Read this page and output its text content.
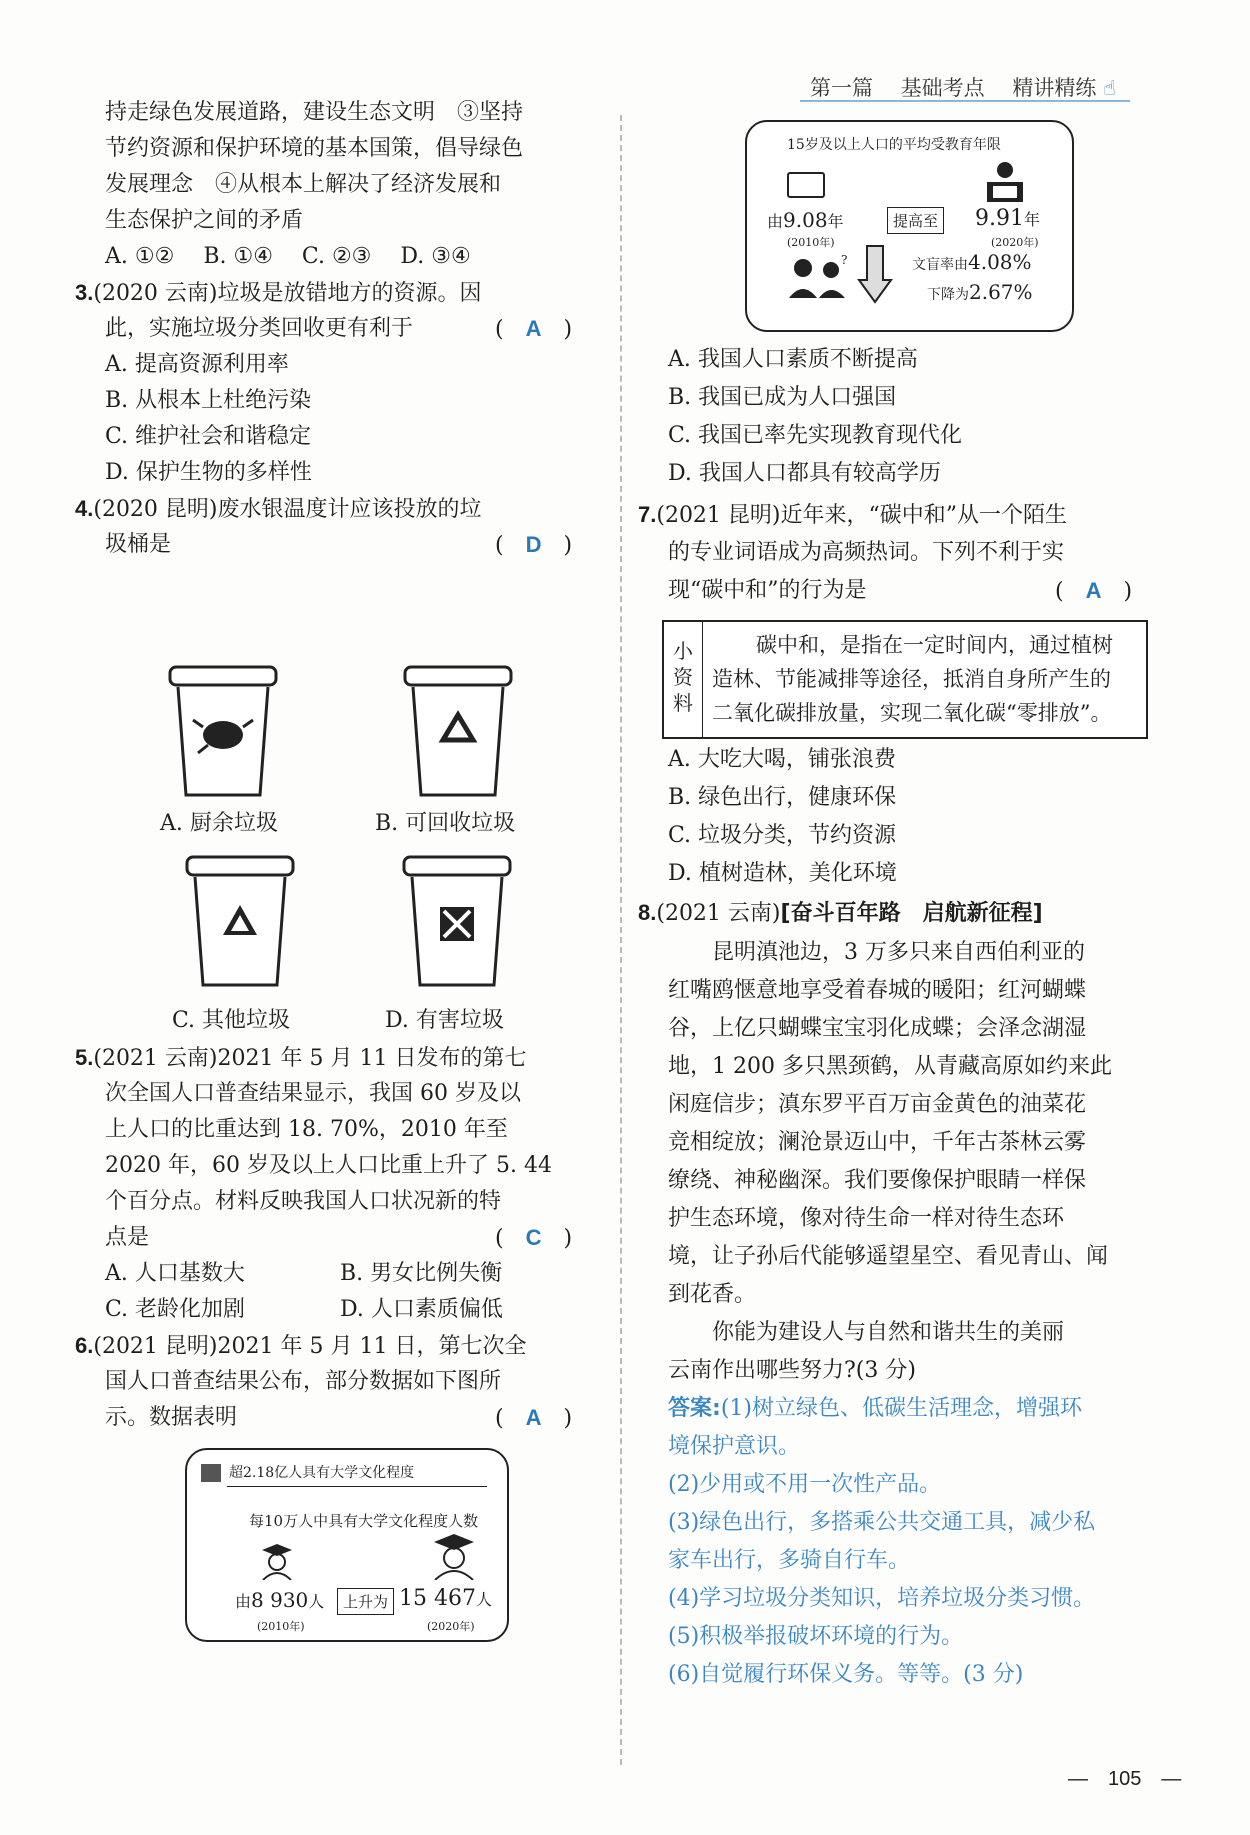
第一篇　 基础考点　 精讲精练 ☝
持走绿色发展道路，建设生态文明　③坚持
节约资源和保护环境的基本国策，倡导绿色
发展理念　④从根本上解决了经济发展和
生态保护之间的矛盾
A. ①②　 B. ①④　 C. ②③　 D. ③④
3.(2020 云南)垃圾是放错地方的资源。因
此，实施垃圾分类回收更有利于	(　A　)
A. 提高资源利用率
B. 从根本上杜绝污染
C. 维护社会和谐稳定
D. 保护生物的多样性
4.(2020 昆明)废水银温度计应该投放的垃
圾桶是	(　D　)
A. 厨余垃圾	B. 可回收垃圾
C. 其他垃圾	D. 有害垃圾
5.(2021 云南)2021 年 5 月 11 日发布的第七
次全国人口普查结果显示，我国 60 岁及以
上人口的比重达到 18. 70%，2010 年至
2020 年，60 岁及以上人口比重上升了 5. 44
个百分点。材料反映我国人口状况新的特
点是	(　C　)
A. 人口基数大	B. 男女比例失衡
C. 老龄化加剧	D. 人口素质偏低
6.(2021 昆明)2021 年 5 月 11 日，第七次全
国人口普查结果公布，部分数据如下图所
示。数据表明	(　A　)
超2.18亿人具有大学文化程度
每10万人中具有大学文化程度人数
由8 930人
(2010年)
上升为 15 467人
(2020年)
15岁及以上人口的平均受教育年限
由9.08年
(2010年)
提高至 9.91年
(2020年)
?	文盲率由4.08%
下降为2.67%
A. 我国人口素质不断提高
B. 我国已成为人口强国
C. 我国已率先实现教育现代化
D. 我国人口都具有较高学历
7.(2021 昆明)近年来，“碳中和”从一个陌生
的专业词语成为高频热词。下列不利于实
现“碳中和”的行为是	(　A　)
小资料
碳中和，是指在一定时间内，通过植树
造林、节能减排等途径，抵消自身所产生的
二氧化碳排放量，实现二氧化碳“零排放”。
A. 大吃大喝，铺张浪费
B. 绿色出行，健康环保
C. 垃圾分类，节约资源
D. 植树造林，美化环境
8.(2021 云南)[奋斗百年路　启航新征程]
昆明滇池边，3 万多只来自西伯利亚的
红嘴鸥惬意地享受着春城的暖阳；红河蝴蝶
谷，上亿只蝴蝶宝宝羽化成蝶；会泽念湖湿
地，1 200 多只黑颈鹤，从青藏高原如约来此
闲庭信步；滇东罗平百万亩金黄色的油菜花
竞相绽放；澜沧景迈山中，千年古茶林云雾
缭绕、神秘幽深。我们要像保护眼睛一样保
护生态环境，像对待生命一样对待生态环
境，让子孙后代能够遥望星空、看见青山、闻
到花香。
你能为建设人与自然和谐共生的美丽
云南作出哪些努力?(3 分)
答案:(1)树立绿色、低碳生活理念，增强环
境保护意识。
(2)少用或不用一次性产品。
(3)绿色出行，多搭乘公共交通工具，减少私
家车出行，多骑自行车。
(4)学习垃圾分类知识，培养垃圾分类习惯。
(5)积极举报破坏环境的行为。
(6)自觉履行环保义务。等等。(3 分)
—　105　—
